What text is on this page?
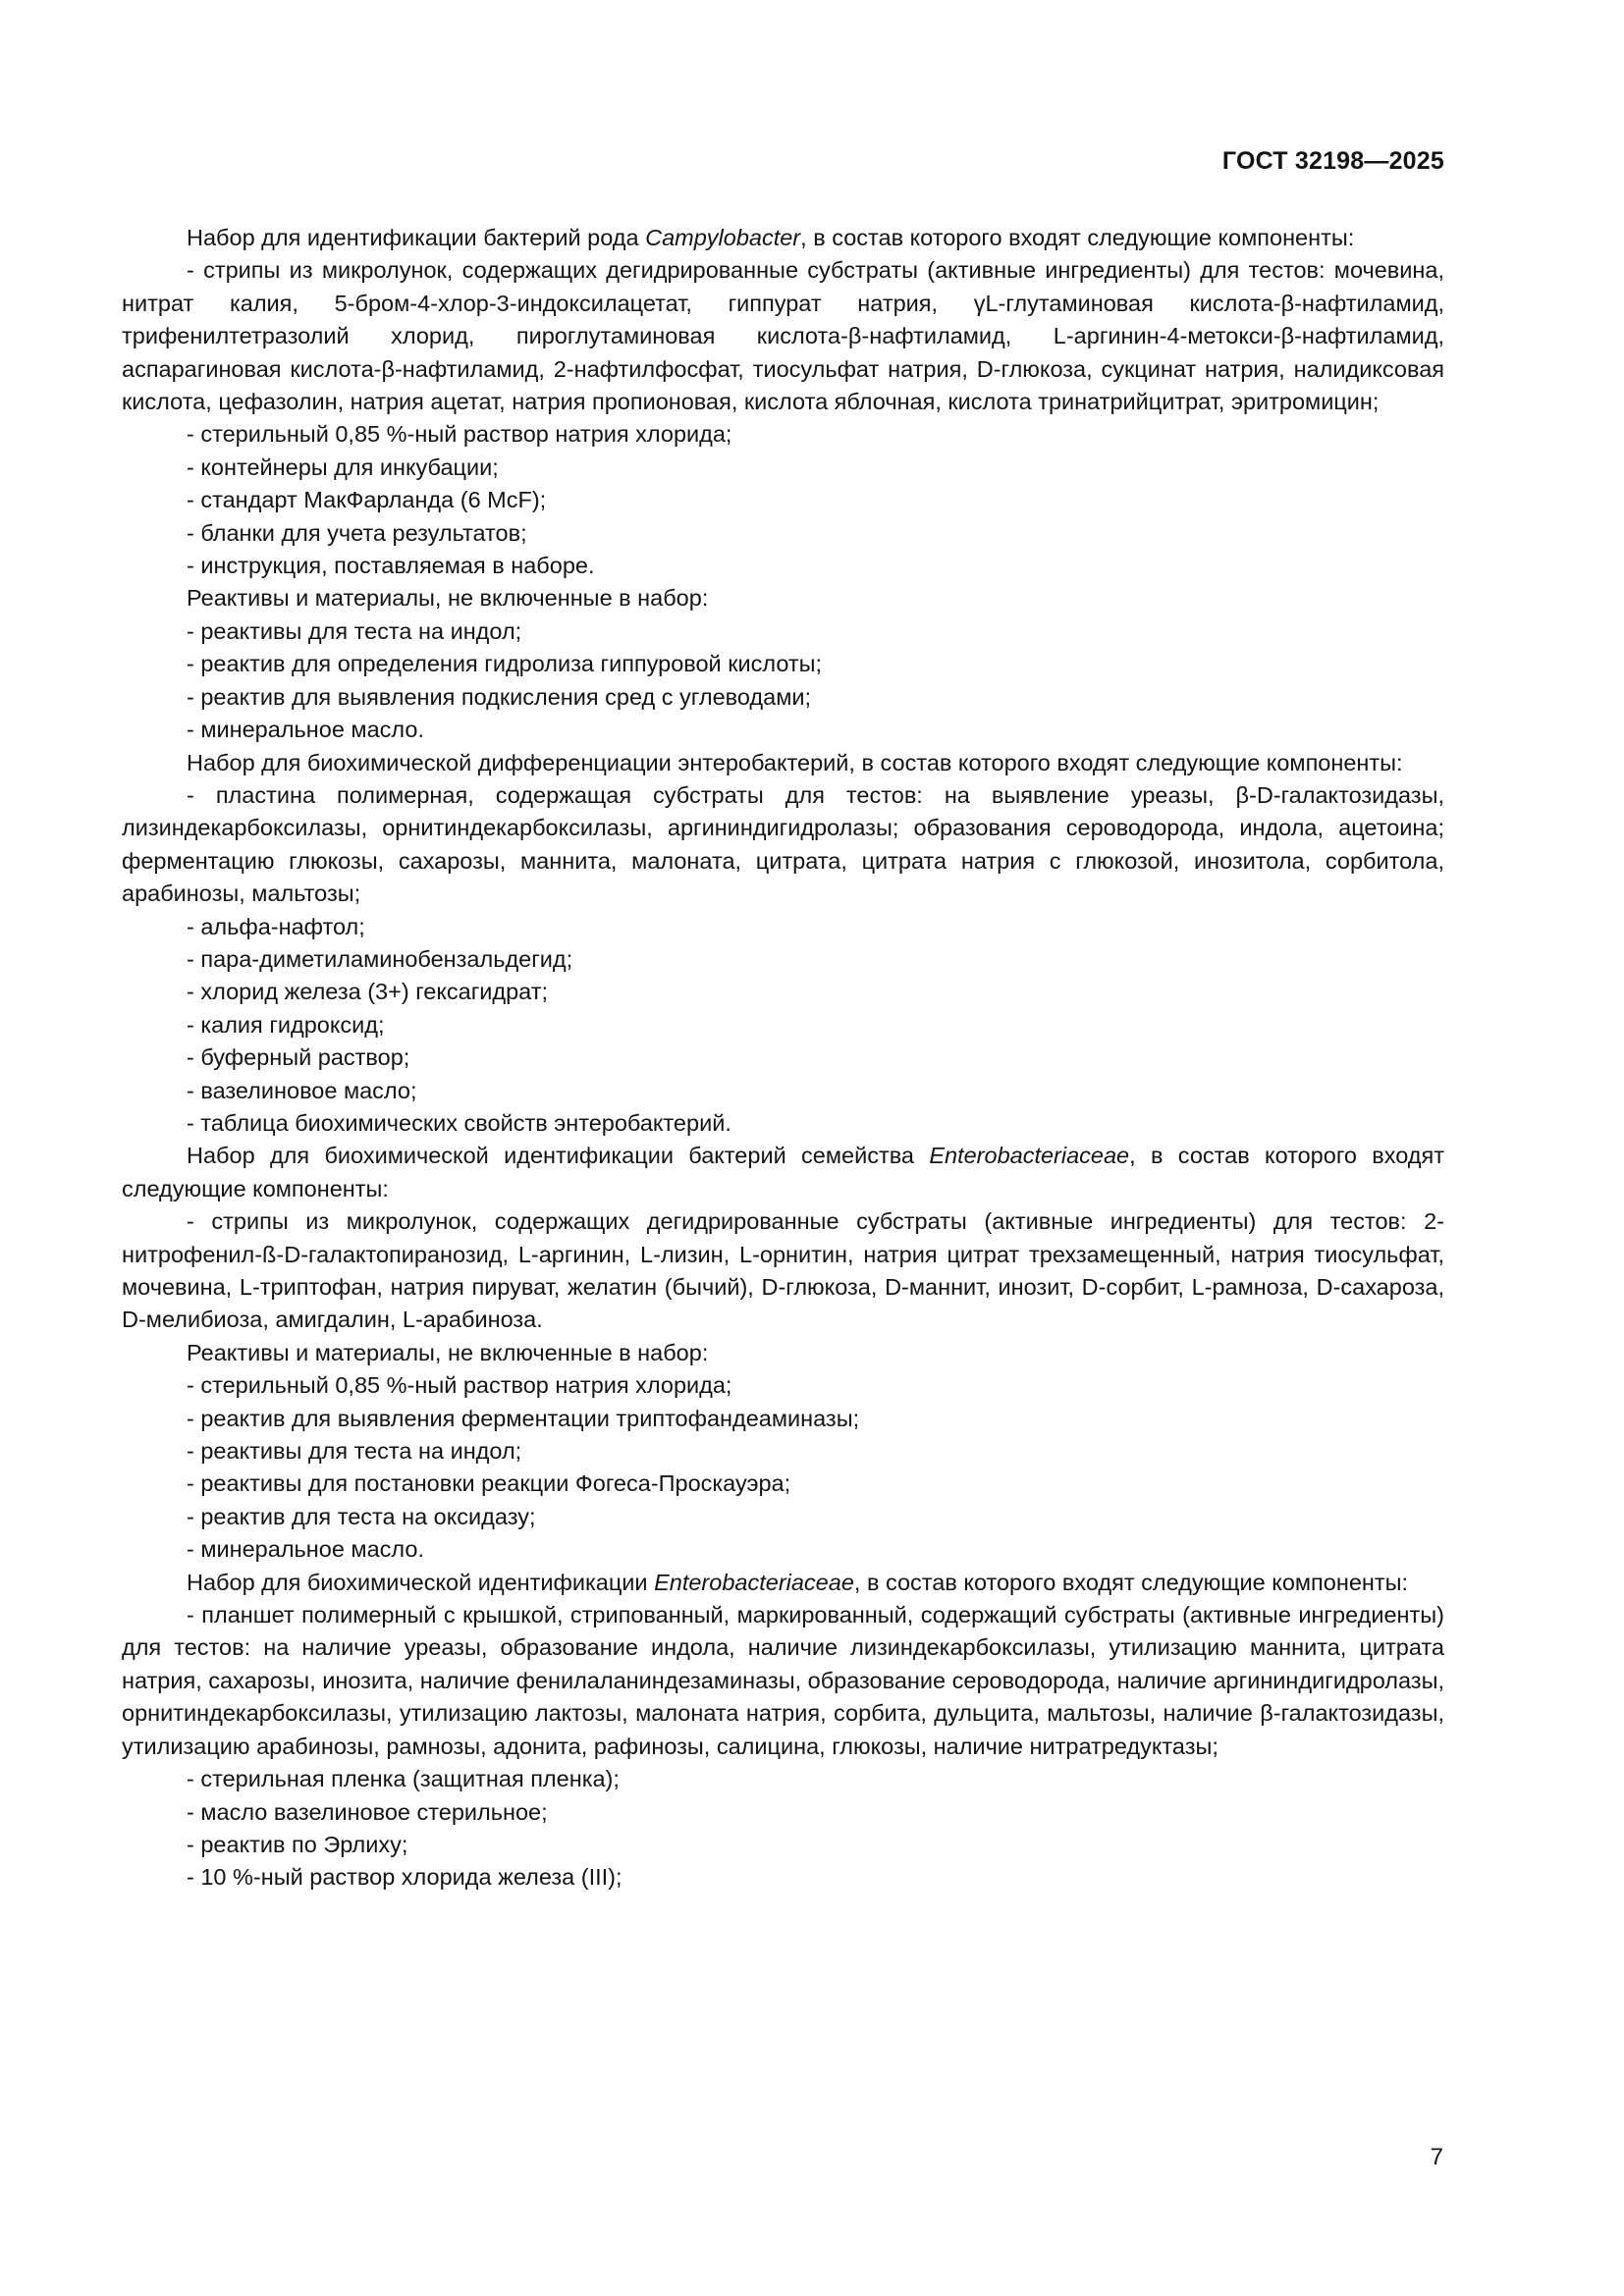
ГОСТ 32198—2025

Набор для идентификации бактерий рода Campylobacter, в состав которого входят следующие компоненты:

- стрипы из микролунок, содержащих дегидрированные субстраты (активные ингредиенты) для тестов: мочевина, нитрат калия, 5-бром-4-хлор-3-индоксилацетат, гиппурат натрия, γL-глутаминовая кислота-β-нафтиламид, трифенилтетразолий хлорид, пироглутаминовая кислота-β-нафтиламид, L-аргинин-4-метокси-β-нафтиламид, аспарагиновая кислота-β-нафтиламид, 2-нафтилфосфат, тиосульфат натрия, D-глюкоза, сукцинат натрия, налидиксовая кислота, цефазолин, натрия ацетат, натрия пропионовая, кислота яблочная, кислота тринатрийцитрат, эритромицин;

- стерильный 0,85 %-ный раствор натрия хлорида;

- контейнеры для инкубации;

- стандарт МакФарланда (6 McF);

- бланки для учета результатов;

- инструкция, поставляемая в наборе.

Реактивы и материалы, не включенные в набор:

- реактивы для теста на индол;

- реактив для определения гидролиза гиппуровой кислоты;

- реактив для выявления подкисления сред с углеводами;

- минеральное масло.

Набор для биохимической дифференциации энтеробактерий, в состав которого входят следующие компоненты:

- пластина полимерная, содержащая субстраты для тестов: на выявление уреазы, β-D-галактозидазы, лизиндекарбоксилазы, орнитиндекарбоксилазы, аргининдигидролазы; образования сероводорода, индола, ацетоина; ферментацию глюкозы, сахарозы, маннита, малоната, цитрата, цитрата натрия с глюкозой, инозитола, сорбитола, арабинозы, мальтозы;

- альфа-нафтол;

- пара-диметиламинобензальдегид;

- хлорид железа (3+) гексагидрат;

- калия гидроксид;

- буферный раствор;

- вазелиновое масло;

- таблица биохимических свойств энтеробактерий.

Набор для биохимической идентификации бактерий семейства Enterobacteriaceae, в состав которого входят следующие компоненты:

- стрипы из микролунок, содержащих дегидрированные субстраты (активные ингредиенты) для тестов: 2-нитрофенил-ß-D-галактопиранозид, L-аргинин, L-лизин, L-орнитин, натрия цитрат трехзамещенный, натрия тиосульфат, мочевина, L-триптофан, натрия пируват, желатин (бычий), D-глюкоза, D-маннит, инозит, D-сорбит, L-рамноза, D-сахароза, D-мелибиоза, амигдалин, L-арабиноза.

Реактивы и материалы, не включенные в набор:

- стерильный 0,85 %-ный раствор натрия хлорида;

- реактив для выявления ферментации триптофандеаминазы;

- реактивы для теста на индол;

- реактивы для постановки реакции Фогеса-Проскауэра;

- реактив для теста на оксидазу;

- минеральное масло.

Набор для биохимической идентификации Enterobacteriaceae, в состав которого входят следующие компоненты:

- планшет полимерный с крышкой, стрипованный, маркированный, содержащий субстраты (активные ингредиенты) для тестов: на наличие уреазы, образование индола, наличие лизиндекарбоксилазы, утилизацию маннита, цитрата натрия, сахарозы, инозита, наличие фенилаланиндезаминазы, образование сероводорода, наличие аргининдигидролазы, орнитиндекарбоксилазы, утилизацию лактозы, малоната натрия, сорбита, дульцита, мальтозы, наличие β-галактозидазы, утилизацию арабинозы, рамнозы, адонита, рафинозы, салицина, глюкозы, наличие нитратредуктазы;

- стерильная пленка (защитная пленка);

- масло вазелиновое стерильное;

- реактив по Эрлиху;

- 10 %-ный раствор хлорида железа (III);

7
